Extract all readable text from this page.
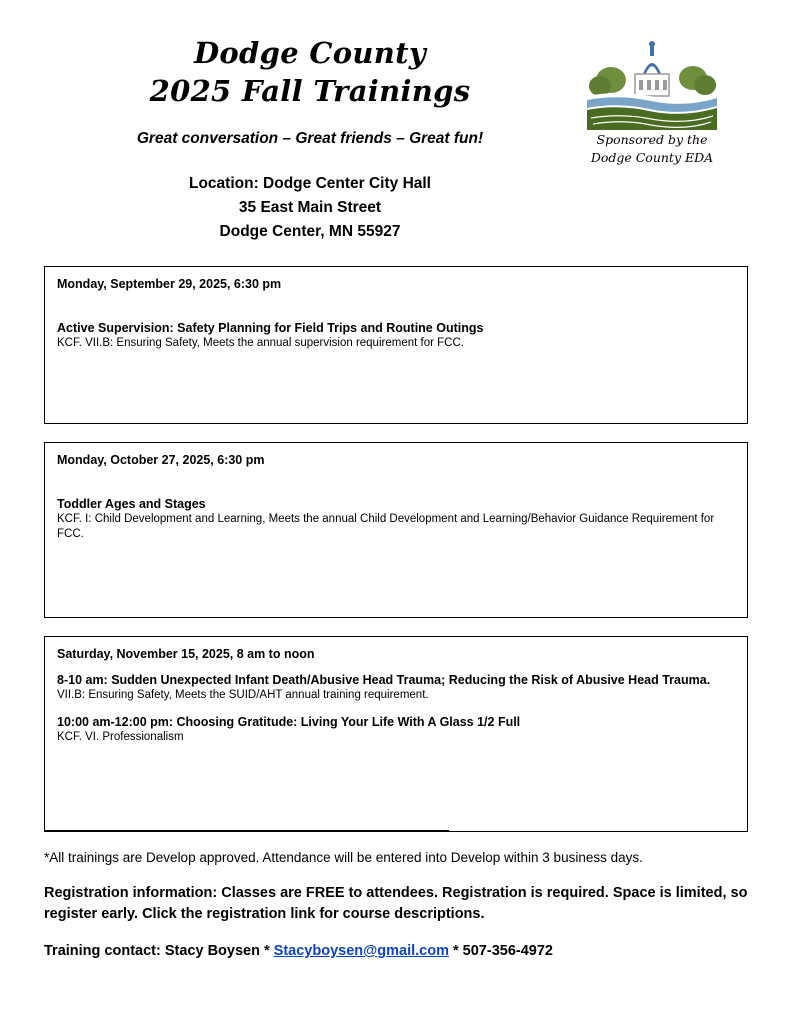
Dodge County
2025 Fall Trainings
Great conversation – Great friends – Great fun!	Sponsored by the
Dodge County EDA
Location: Dodge Center City Hall
35 East Main Street
Dodge Center, MN 55927
Monday, September 29, 2025, 6:30 pm
Active Supervision: Safety Planning for Field Trips and Routine Outings
KCF. VII.B: Ensuring Safety, Meets the annual supervision requirement for FCC.
Monday, October 27, 2025, 6:30 pm
Toddler Ages and Stages
KCF. I: Child Development and Learning, Meets the annual Child Development and Learning/Behavior Guidance Requirement for FCC.
Saturday, November 15, 2025, 8 am to noon
8-10 am: Sudden Unexpected Infant Death/Abusive Head Trauma; Reducing the Risk of Abusive Head Trauma.
VII.B: Ensuring Safety, Meets the SUID/AHT annual training requirement.
10:00 am-12:00 pm: Choosing Gratitude: Living Your Life With A Glass 1/2 Full
KCF. VI. Professionalism
*All trainings are Develop approved. Attendance will be entered into Develop within 3 business days.
Registration information: Classes are FREE to attendees. Registration is required. Space is limited, so register early. Click the registration link for course descriptions.
Training contact: Stacy Boysen * Stacyboysen@gmail.com * 507-356-4972
